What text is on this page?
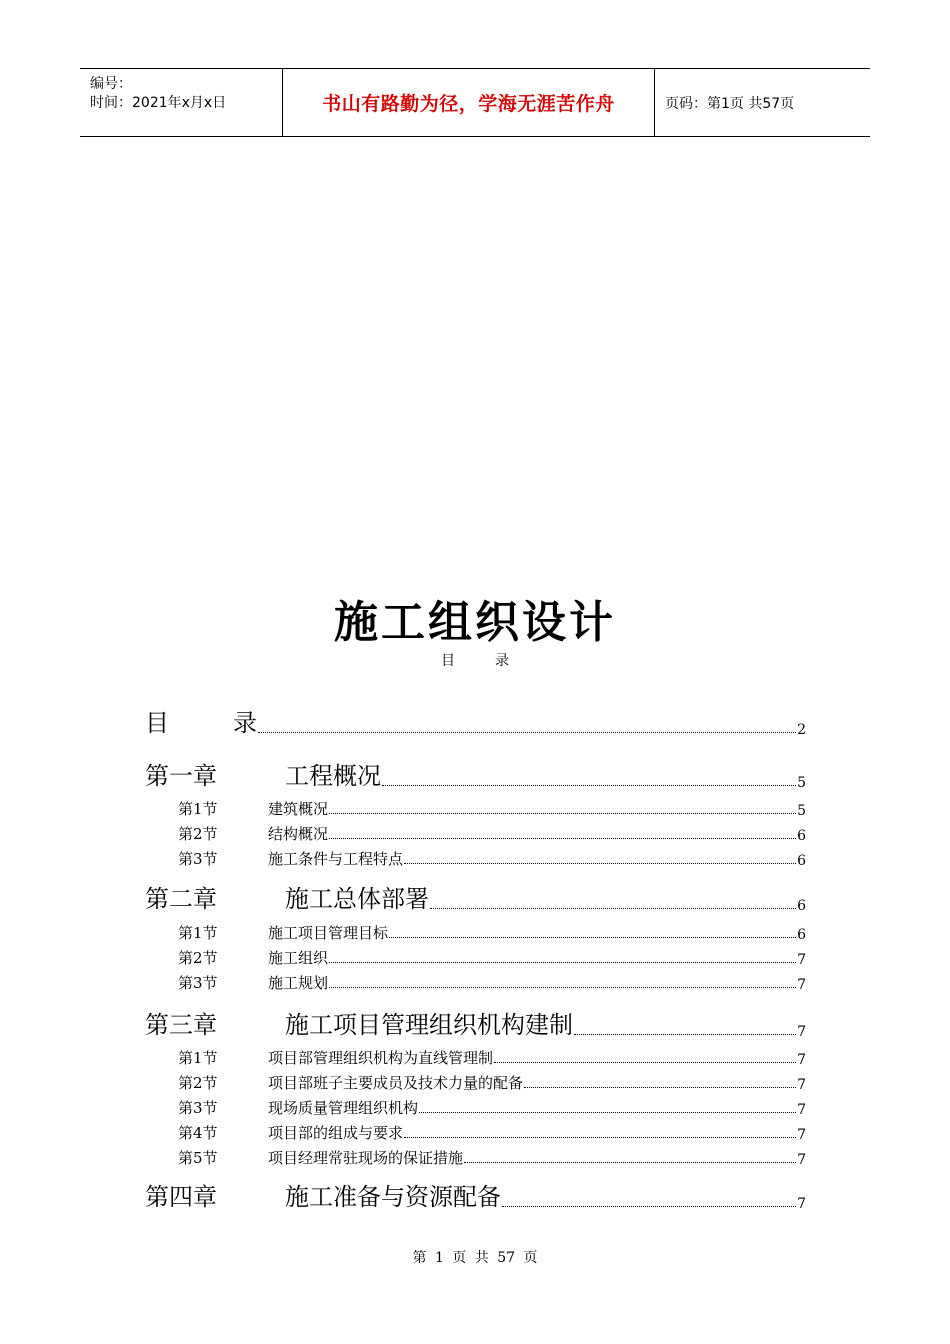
编号：
时间：2021年x月x日	书山有路勤为径，学海无涯苦作舟	页码：第1页 共57页
施工组织设计
目录
目	录	2
第一章	工程概况	5
第1节	建筑概况	5
第2节	结构概况	6
第3节	施工条件与工程特点	6
第二章	施工总体部署	6
第1节	施工项目管理目标	6
第2节	施工组织	7
第3节	施工规划	7
第三章	施工项目管理组织机构建制	7
第1节	项目部管理组织机构为直线管理制	7
第2节	项目部班子主要成员及技术力量的配备	7
第3节	现场质量管理组织机构	7
第4节	项目部的组成与要求	7
第5节	项目经理常驻现场的保证措施	7
第四章	施工准备与资源配备	7
第 1 页 共 57 页
